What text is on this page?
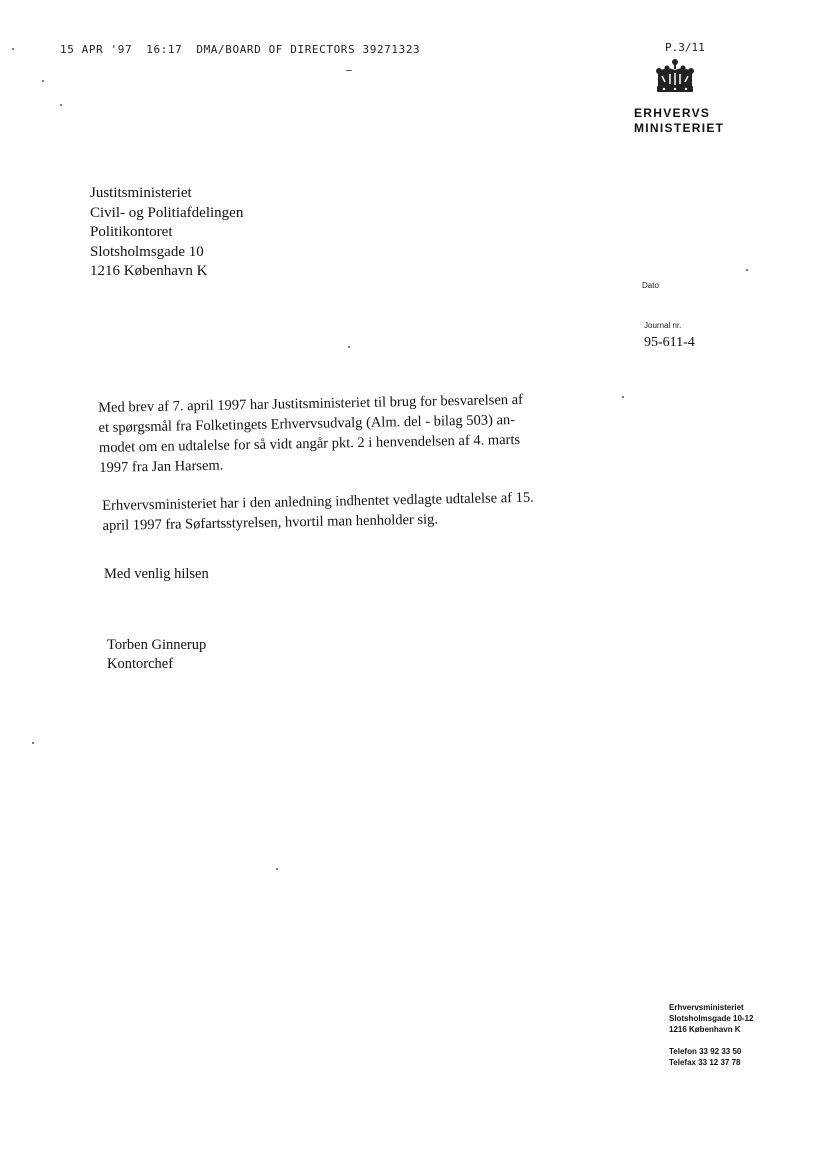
15 APR '97 16:17 DMA/BOARD OF DIRECTORS 39271323	P.3/11
ERHVERVS
MINISTERIET
Justitsministeriet
Civil- og Politiafdelingen
Politikontoret
Slotsholmsgade 10
1216 København K
Dato
Journal nr.
95-611-4
Med brev af 7. april 1997 har Justitsministeriet til brug for besvarelsen af
et spørgsmål fra Folketingets Erhvervsudvalg (Alm. del - bilag 503) an-
modet om en udtalelse for så vidt angår pkt. 2 i henvendelsen af 4. marts
1997 fra Jan Harsem.
Erhvervsministeriet har i den anledning indhentet vedlagte udtalelse af 15.
april 1997 fra Søfartsstyrelsen, hvortil man henholder sig.
Med venlig hilsen
Torben Ginnerup
Kontorchef
Erhvervsministeriet
Slotsholmsgade 10-12
1216 København K
Telefon 33 92 33 50
Telefax 33 12 37 78
